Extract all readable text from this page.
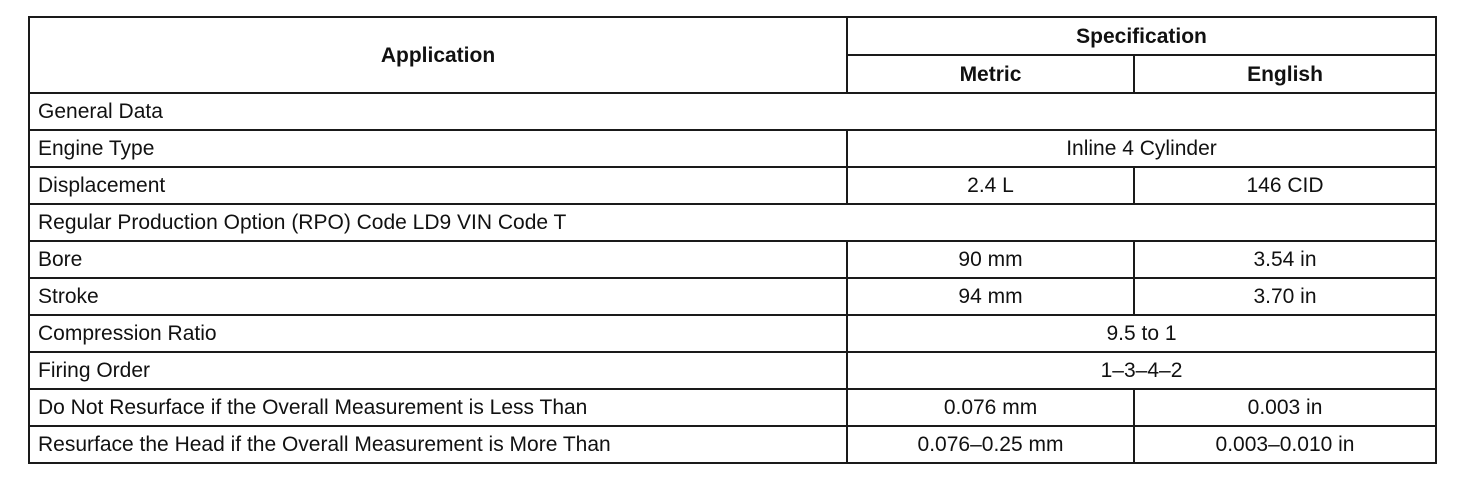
Application	Specification	
	Metric	English
General Data		
Engine Type	Inline 4 Cylinder	
Displacement	2.4 L	146 CID
Regular Production Option (RPO) Code LD9 VIN Code T		
Bore	90 mm	3.54 in
Stroke	94 mm	3.70 in
Compression Ratio	9.5 to 1	
Firing Order	1–3–4–2	
Do Not Resurface if the Overall Measurement is Less Than	0.076 mm	0.003 in
Resurface the Head if the Overall Measurement is More Than	0.076–0.25 mm	0.003–0.010 in
